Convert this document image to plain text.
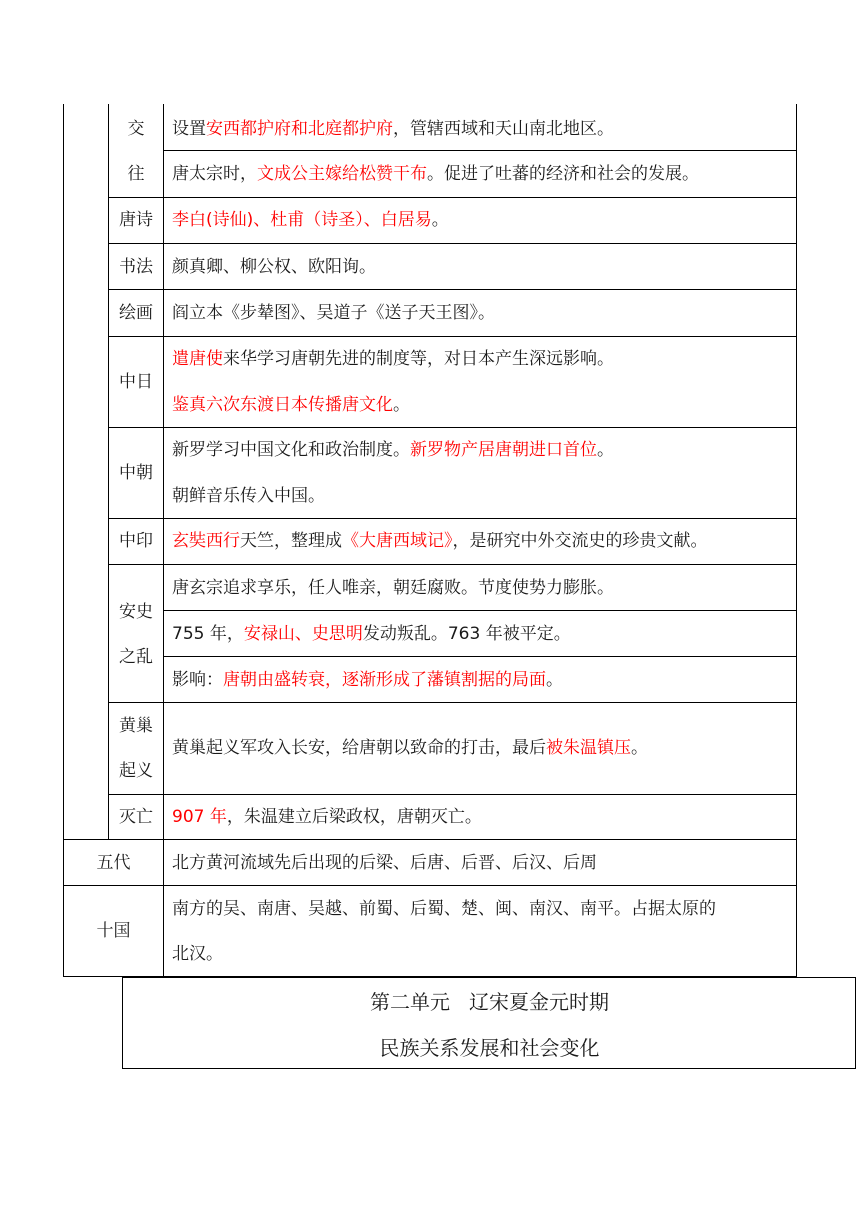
交
往
唐诗
书法
绘画
中日
中朝
中印
安史
之乱
黄巢
起义
灭亡
五代
十国
设置安西都护府和北庭都护府，管辖西域和天山南北地区。
唐太宗时，文成公主嫁给松赞干布。促进了吐蕃的经济和社会的发展。
李白(诗仙)、杜甫（诗圣）、白居易。
颜真卿、柳公权、欧阳询。
阎立本《步辇图》、吴道子《送子天王图》。
遣唐使来华学习唐朝先进的制度等，对日本产生深远影响。
鉴真六次东渡日本传播唐文化。
新罗学习中国文化和政治制度。新罗物产居唐朝进口首位。
朝鲜音乐传入中国。
玄奘西行天竺，整理成《大唐西域记》，是研究中外交流史的珍贵文献。
唐玄宗追求享乐，任人唯亲，朝廷腐败。节度使势力膨胀。
755 年，安禄山、史思明发动叛乱。763 年被平定。
影响：唐朝由盛转衰，逐渐形成了藩镇割据的局面。
黄巢起义军攻入长安，给唐朝以致命的打击，最后被朱温镇压。
907 年，朱温建立后梁政权，唐朝灭亡。
北方黄河流域先后出现的后梁、后唐、后晋、后汉、后周
南方的吴、南唐、吴越、前蜀、后蜀、楚、闽、南汉、南平。占据太原的
北汉。
第二单元   辽宋夏金元时期
民族关系发展和社会变化
